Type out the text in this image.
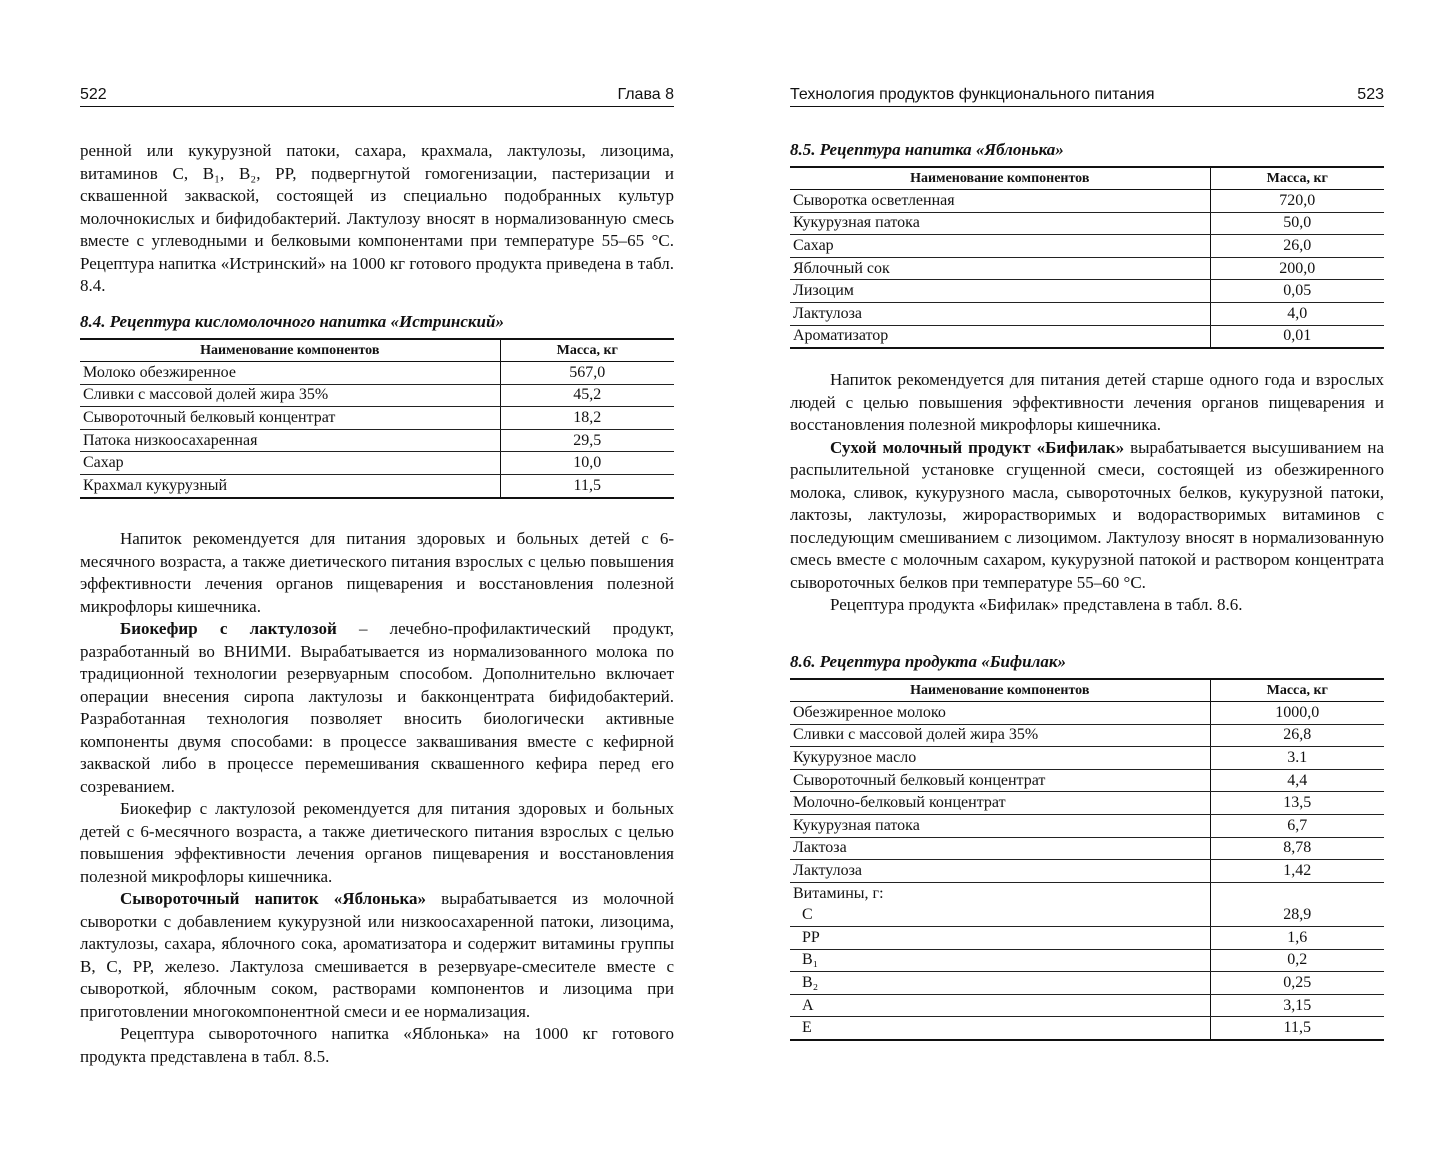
522	Глава 8

ренной или кукурузной патоки, сахара, крахмала, лактулозы, лизоцима, витаминов C, B₁, B₂, PP, подвергнутой гомогенизации, пастеризации и сквашенной закваской, состоящей из специально подобранных культур молочнокислых и бифидобактерий. Лактулозу вносят в нормализованную смесь вместе с углеводными и белковыми компонентами при температуре 55–65 °С. Рецептура напитка «Истринский» на 1000 кг готового продукта приведена в табл. 8.4.

8.4. Рецептура кисломолочного напитка «Истринский»
Наименование компонентов	Масса, кг
Молоко обезжиренное	567,0
Сливки с массовой долей жира 35%	45,2
Сывороточный белковый концентрат	18,2
Патока низкоосахаренная	29,5
Сахар	10,0
Крахмал кукурузный	11,5

Напиток рекомендуется для питания здоровых и больных детей с 6-месячного возраста, а также диетического питания взрослых с целью повышения эффективности лечения органов пищеварения и восстановления полезной микрофлоры кишечника.

Биокефир с лактулозой – лечебно-профилактический продукт, разработанный во ВНИМИ. Вырабатывается из нормализованного молока по традиционной технологии резервуарным способом. Дополнительно включает операции внесения сиропа лактулозы и бакконцентрата бифидобактерий. Разработанная технология позволяет вносить биологически активные компоненты двумя способами: в процессе заквашивания вместе с кефирной закваской либо в процессе перемешивания сквашенного кефира перед его созреванием.

Биокефир с лактулозой рекомендуется для питания здоровых и больных детей с 6-месячного возраста, а также диетического питания взрослых с целью повышения эффективности лечения органов пищеварения и восстановления полезной микрофлоры кишечника.

Сывороточный напиток «Яблонька» вырабатывается из молочной сыворотки с добавлением кукурузной или низкоосахаренной патоки, лизоцима, лактулозы, сахара, яблочного сока, ароматизатора и содержит витамины группы B, C, PP, железо. Лактулоза смешивается в резервуаре-смесителе вместе с сывороткой, яблочным соком, растворами компонентов и лизоцима при приготовлении многокомпонентной смеси и ее нормализация.

Рецептура сывороточного напитка «Яблонька» на 1000 кг готового продукта представлена в табл. 8.5.

Технология продуктов функционального питания	523
8.5. Рецептура напитка «Яблонька»
Наименование компонентов	Масса, кг
Сыворотка осветленная	720,0
Кукурузная патока	50,0
Сахар	26,0
Яблочный сок	200,0
Лизоцим	0,05
Лактулоза	4,0
Ароматизатор	0,01

Напиток рекомендуется для питания детей старше одного года и взрослых людей с целью повышения эффективности лечения органов пищеварения и восстановления полезной микрофлоры кишечника.

Сухой молочный продукт «Бифилак» вырабатывается высушиванием на распылительной установке сгущенной смеси, состоящей из обезжиренного молока, сливок, кукурузного масла, сывороточных белков, кукурузной патоки, лактозы, лактулозы, жирорастворимых и водорастворимых витаминов с последующим смешиванием с лизоцимом. Лактулозу вносят в нормализованную смесь вместе с молочным сахаром, кукурузной патокой и раствором концентрата сывороточных белков при температуре 55–60 °С.

Рецептура продукта «Бифилак» представлена в табл. 8.6.

8.6. Рецептура продукта «Бифилак»
Наименование компонентов	Масса, кг
Обезжиренное молоко	1000,0
Сливки с массовой долей жира 35%	26,8
Кукурузное масло	3.1
Сывороточный белковый концентрат	4,4
Молочно-белковый концентрат	13,5
Кукурузная патока	6,7
Лактоза	8,78
Лактулоза	1,42
Витамины, г:	
C	28,9
PP	1,6
B₁	0,2
B₂	0,25
A	3,15
E	11,5
